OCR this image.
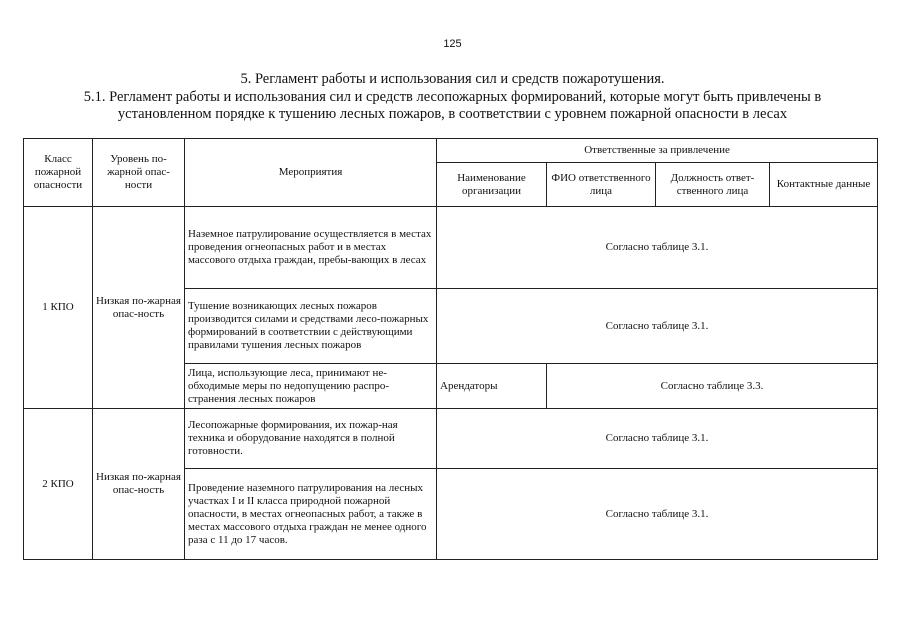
125
5. Регламент работы и использования сил и средств пожаротушения.
5.1. Регламент работы и использования сил и средств лесопожарных формирований, которые могут быть привлечены в
установленном порядке к тушению лесных пожаров, в соответствии с уровнем пожарной опасности в лесах
Класс пожарной опасности	Уровень по-жарной опас-ности	Мероприятия	Ответственные за привлечение			
			Наименование организации	ФИО ответственного лица	Должность ответ-ственного лица	Контактные данные
1 КПО	Низкая по-жарная опас-ность	Наземное патрулирование осуществляется в местах проведения огнеопасных работ и в местах массового отдыха граждан, пребы-вающих в лесах	Согласно таблице 3.1.			
		Тушение возникающих лесных пожаров производится силами и средствами лесо-пожарных формирований в соответствии с действующими правилами тушения лесных пожаров	Согласно таблице 3.1.			
		Лица, использующие леса, принимают не-обходимые меры по недопущению распро-странения лесных пожаров	Арендаторы	Согласно таблице 3.3.		
2 КПО	Низкая по-жарная опас-ность	Лесопожарные формирования, их пожар-ная техника и оборудование находятся в полной готовности.	Согласно таблице 3.1.			
		Проведение наземного патрулирования на лесных участках I и II класса природной пожарной опасности, в местах огнеопасных работ, а также в местах массового отдыха граждан не менее одного раза с 11 до 17 часов.	Согласно таблице 3.1.			
